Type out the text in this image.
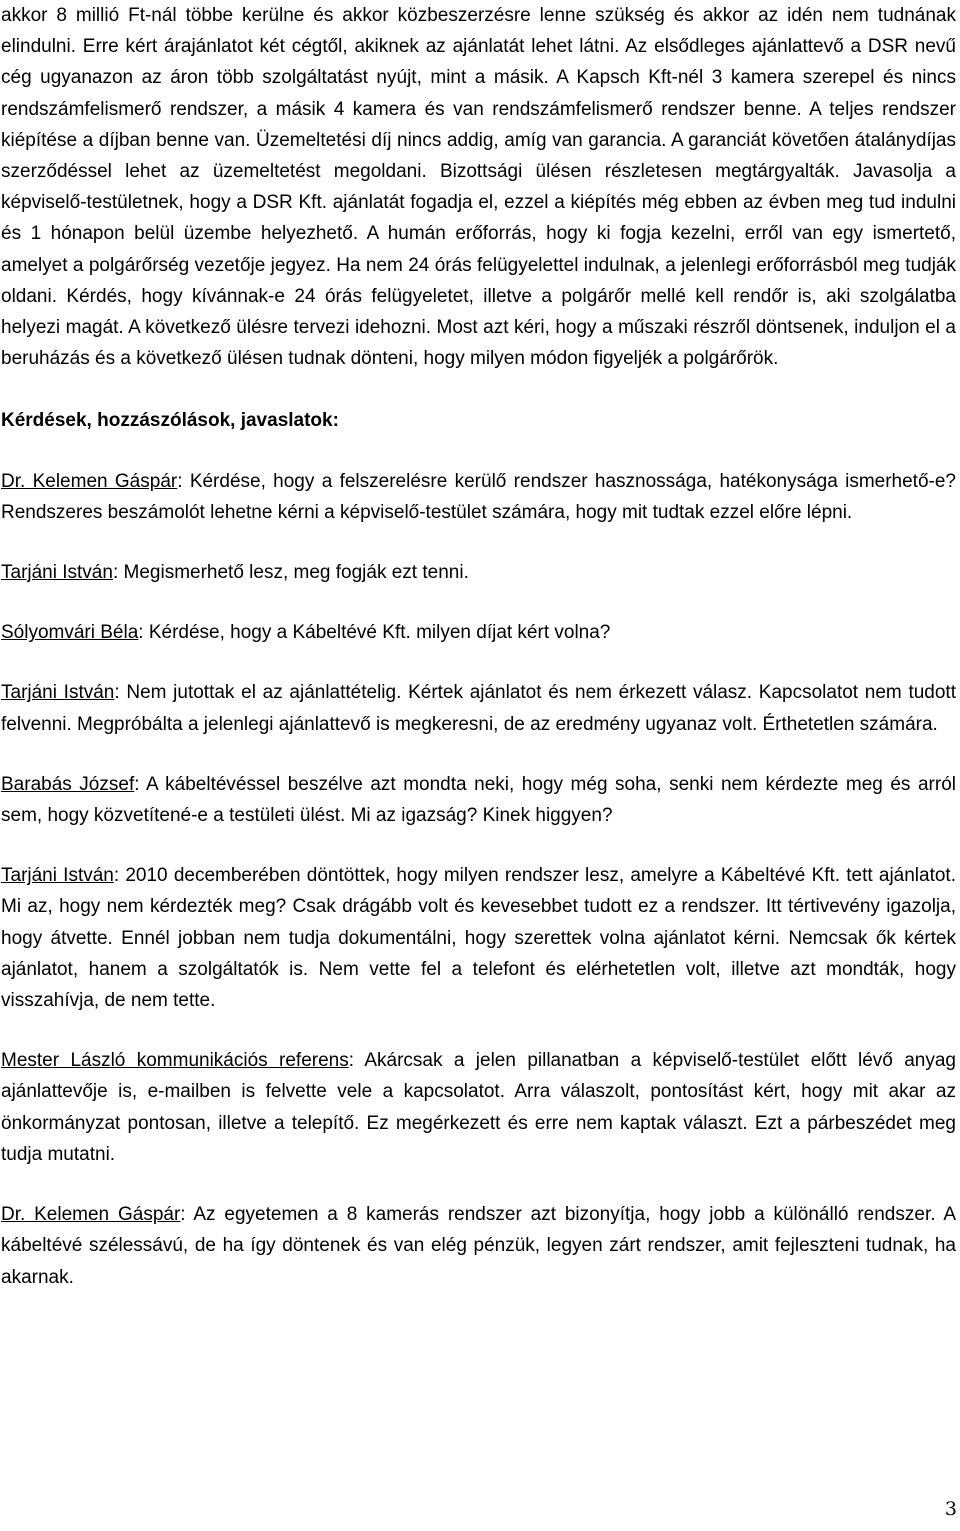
akkor 8 millió Ft-nál többe kerülne és akkor közbeszerzésre lenne szükség és akkor az idén nem tudnának elindulni. Erre kért árajánlatot két cégtől, akiknek az ajánlatát lehet látni. Az elsődleges ajánlattevő a DSR nevű cég ugyanazon az áron több szolgáltatást nyújt, mint a másik. A Kapsch Kft-nél 3 kamera szerepel és nincs rendszámfelismerő rendszer, a másik 4 kamera és van rendszámfelismerő rendszer benne. A teljes rendszer kiépítése a díjban benne van. Üzemeltetési díj nincs addig, amíg van garancia. A garanciát követően átalánydíjas szerződéssel lehet az üzemeltetést megoldani. Bizottsági ülésen részletesen megtárgyalták. Javasolja a képviselő-testületnek, hogy a DSR Kft. ajánlatát fogadja el, ezzel a kiépítés még ebben az évben meg tud indulni és 1 hónapon belül üzembe helyezhető. A humán erőforrás, hogy ki fogja kezelni, erről van egy ismertető, amelyet a polgárőrség vezetője jegyez. Ha nem 24 órás felügyelettel indulnak, a jelenlegi erőforrásból meg tudják oldani. Kérdés, hogy kívánnak-e 24 órás felügyeletet, illetve a polgárőr mellé kell rendőr is, aki szolgálatba helyezi magát. A következő ülésre tervezi idehozni. Most azt kéri, hogy a műszaki részről döntsenek, induljon el a beruházás és a következő ülésen tudnak dönteni, hogy milyen módon figyeljék a polgárőrök.

Kérdések, hozzászólások, javaslatok:

Dr. Kelemen Gáspár: Kérdése, hogy a felszerelésre kerülő rendszer hasznossága, hatékonysága ismerhető-e? Rendszeres beszámolót lehetne kérni a képviselő-testület számára, hogy mit tudtak ezzel előre lépni.

Tarjáni István: Megismerhető lesz, meg fogják ezt tenni.

Sólyomvári Béla: Kérdése, hogy a Kábeltévé Kft. milyen díjat kért volna?

Tarjáni István: Nem jutottak el az ajánlattételig. Kértek ajánlatot és nem érkezett válasz. Kapcsolatot nem tudott felvenni. Megpróbálta a jelenlegi ajánlattevő is megkeresni, de az eredmény ugyanaz volt. Érthetetlen számára.

Barabás József: A kábeltévéssel beszélve azt mondta neki, hogy még soha, senki nem kérdezte meg és arról sem, hogy közvetítené-e a testületi ülést. Mi az igazság? Kinek higgyen?

Tarjáni István: 2010 decemberében döntöttek, hogy milyen rendszer lesz, amelyre a Kábeltévé Kft. tett ajánlatot. Mi az, hogy nem kérdezték meg? Csak drágább volt és kevesebbet tudott ez a rendszer. Itt tértivevény igazolja, hogy átvette. Ennél jobban nem tudja dokumentálni, hogy szerettek volna ajánlatot kérni. Nemcsak ők kértek ajánlatot, hanem a szolgáltatók is. Nem vette fel a telefont és elérhetetlen volt, illetve azt mondták, hogy visszahívja, de nem tette.

Mester László kommunikációs referens: Akárcsak a jelen pillanatban a képviselő-testület előtt lévő anyag ajánlattevője is, e-mailben is felvette vele a kapcsolatot. Arra válaszolt, pontosítást kért, hogy mit akar az önkormányzat pontosan, illetve a telepítő. Ez megérkezett és erre nem kaptak választ. Ezt a párbeszédet meg tudja mutatni.

Dr. Kelemen Gáspár: Az egyetemen a 8 kamerás rendszer azt bizonyítja, hogy jobb a különálló rendszer. A kábeltévé szélessávú, de ha így döntenek és van elég pénzük, legyen zárt rendszer, amit fejleszteni tudnak, ha akarnak.

3
